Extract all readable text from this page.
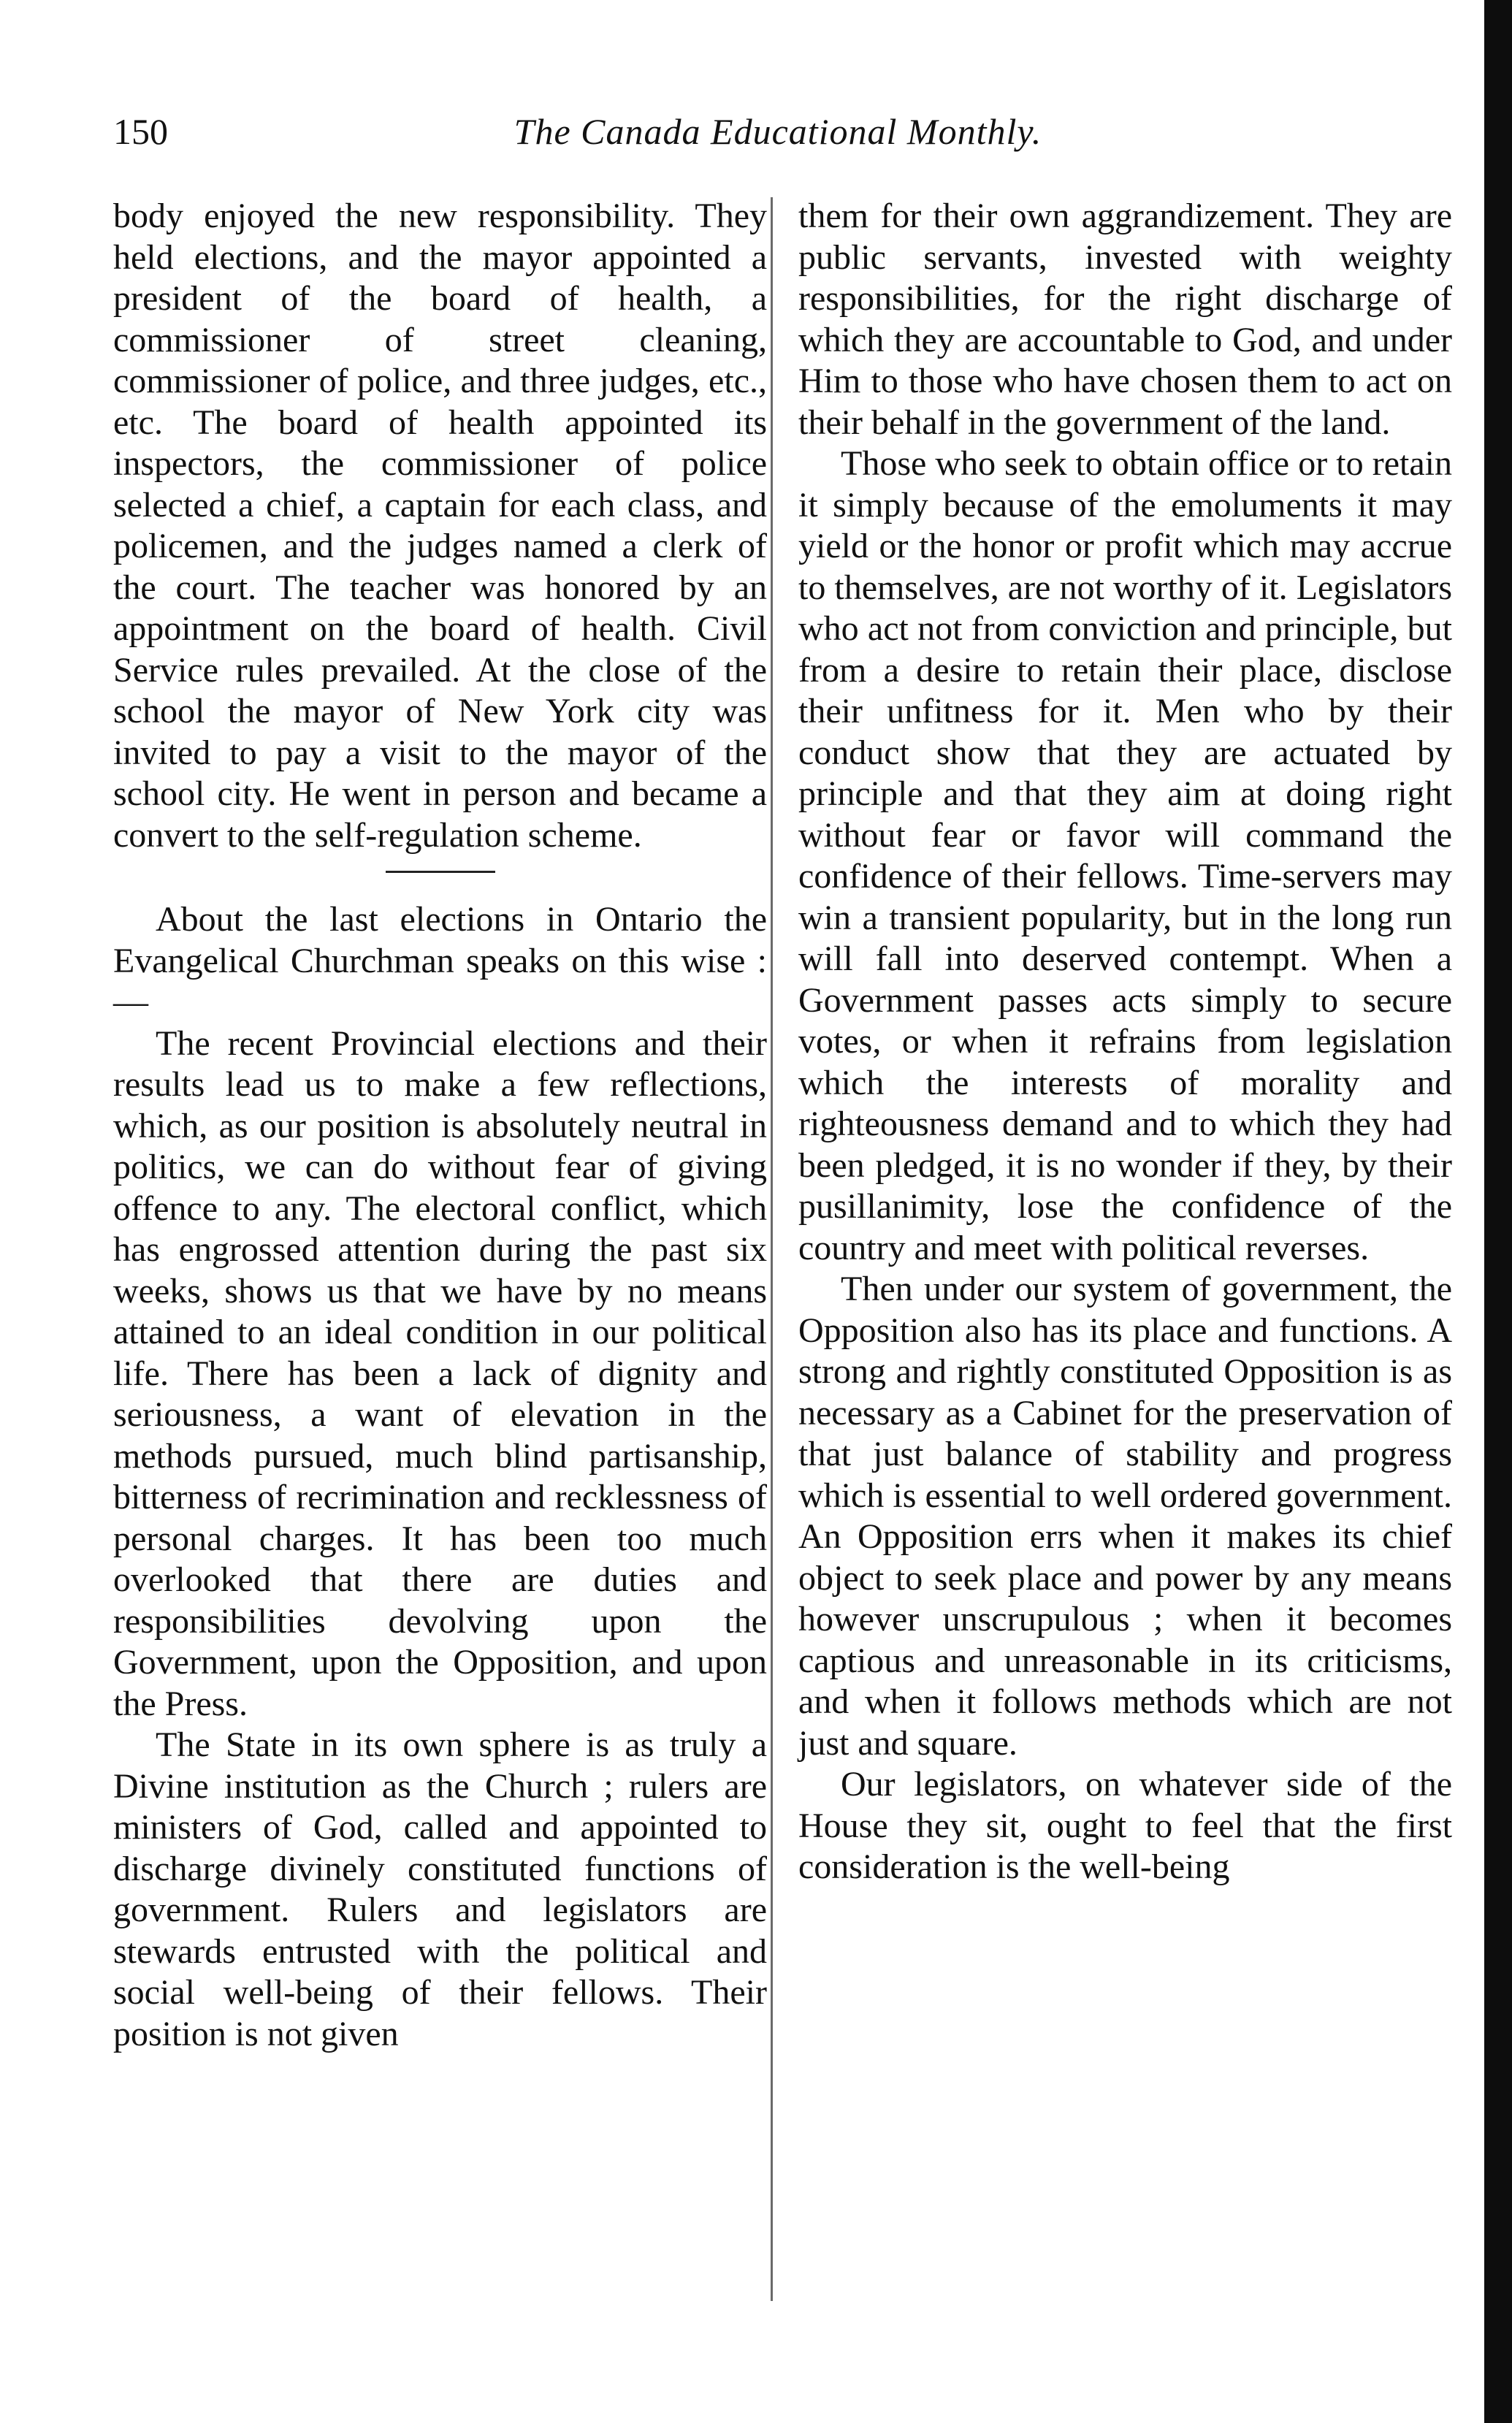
150	The Canada Educational Monthly.

body enjoyed the new responsibility. They held elections, and the mayor appointed a president of the board of health, a commissioner of street cleaning, commissioner of police, and three judges, etc., etc. The board of health appointed its inspectors, the commissioner of police selected a chief, a captain for each class, and policemen, and the judges named a clerk of the court. The teacher was honored by an appointment on the board of health. Civil Service rules prevailed. At the close of the school the mayor of New York city was invited to pay a visit to the mayor of the school city. He went in person and became a convert to the self-regulation scheme.

About the last elections in Ontario the Evangelical Churchman speaks on this wise :—

The recent Provincial elections and their results lead us to make a few reflections, which, as our position is absolutely neutral in politics, we can do without fear of giving offence to any. The electoral conflict, which has engrossed attention during the past six weeks, shows us that we have by no means attained to an ideal condition in our political life. There has been a lack of dignity and seriousness, a want of elevation in the methods pursued, much blind partisanship, bitterness of recrimination and recklessness of personal charges. It has been too much overlooked that there are duties and responsibilities devolving upon the Government, upon the Opposition, and upon the Press.

The State in its own sphere is as truly a Divine institution as the Church ; rulers are ministers of God, called and appointed to discharge divinely constituted functions of government. Rulers and legislators are stewards entrusted with the political and social well-being of their fellows. Their position is not given

them for their own aggrandizement. They are public servants, invested with weighty responsibilities, for the right discharge of which they are accountable to God, and under Him to those who have chosen them to act on their behalf in the government of the land.

Those who seek to obtain office or to retain it simply because of the emoluments it may yield or the honor or profit which may accrue to themselves, are not worthy of it. Legislators who act not from conviction and principle, but from a desire to retain their place, disclose their unfitness for it. Men who by their conduct show that they are actuated by principle and that they aim at doing right without fear or favor will command the confidence of their fellows. Time-servers may win a transient popularity, but in the long run will fall into deserved contempt. When a Government passes acts simply to secure votes, or when it refrains from legislation which the interests of morality and righteousness demand and to which they had been pledged, it is no wonder if they, by their pusillanimity, lose the confidence of the country and meet with political reverses.

Then under our system of government, the Opposition also has its place and functions. A strong and rightly constituted Opposition is as necessary as a Cabinet for the preservation of that just balance of stability and progress which is essential to well ordered government. An Opposition errs when it makes its chief object to seek place and power by any means however unscrupulous ; when it becomes captious and unreasonable in its criticisms, and when it follows methods which are not just and square.

Our legislators, on whatever side of the House they sit, ought to feel that the first consideration is the well-being
